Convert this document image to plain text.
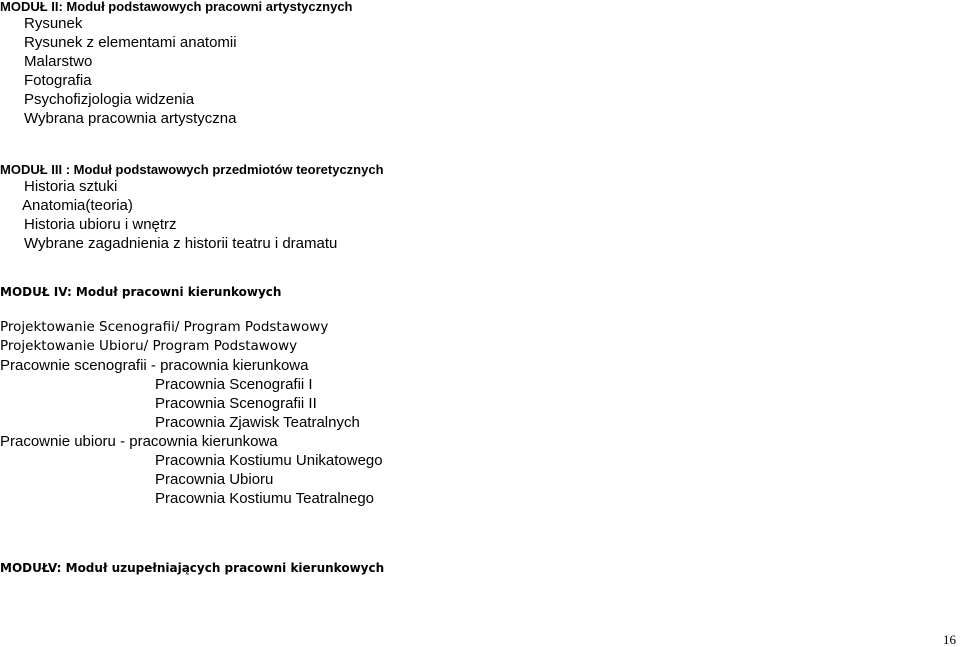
MODUŁ II: Moduł podstawowych pracowni artystycznych
Rysunek
Rysunek z elementami anatomii
Malarstwo
Fotografia
Psychofizjologia widzenia
Wybrana pracownia artystyczna
MODUŁ III : Moduł podstawowych przedmiotów teoretycznych
Historia sztuki
Anatomia(teoria)
Historia ubioru i wnętrz
Wybrane zagadnienia z historii teatru i dramatu
MODUŁ IV: Moduł pracowni kierunkowych
Projektowanie Scenografii/ Program Podstawowy
Projektowanie Ubioru/ Program Podstawowy
Pracownie scenografii - pracownia kierunkowa
Pracownia Scenografii I
Pracownia Scenografii II
Pracownia Zjawisk Teatralnych
Pracownie ubioru - pracownia kierunkowa
Pracownia Kostiumu Unikatowego
Pracownia Ubioru
Pracownia Kostiumu Teatralnego
MODUŁV: Moduł uzupełniających pracowni kierunkowych
16
